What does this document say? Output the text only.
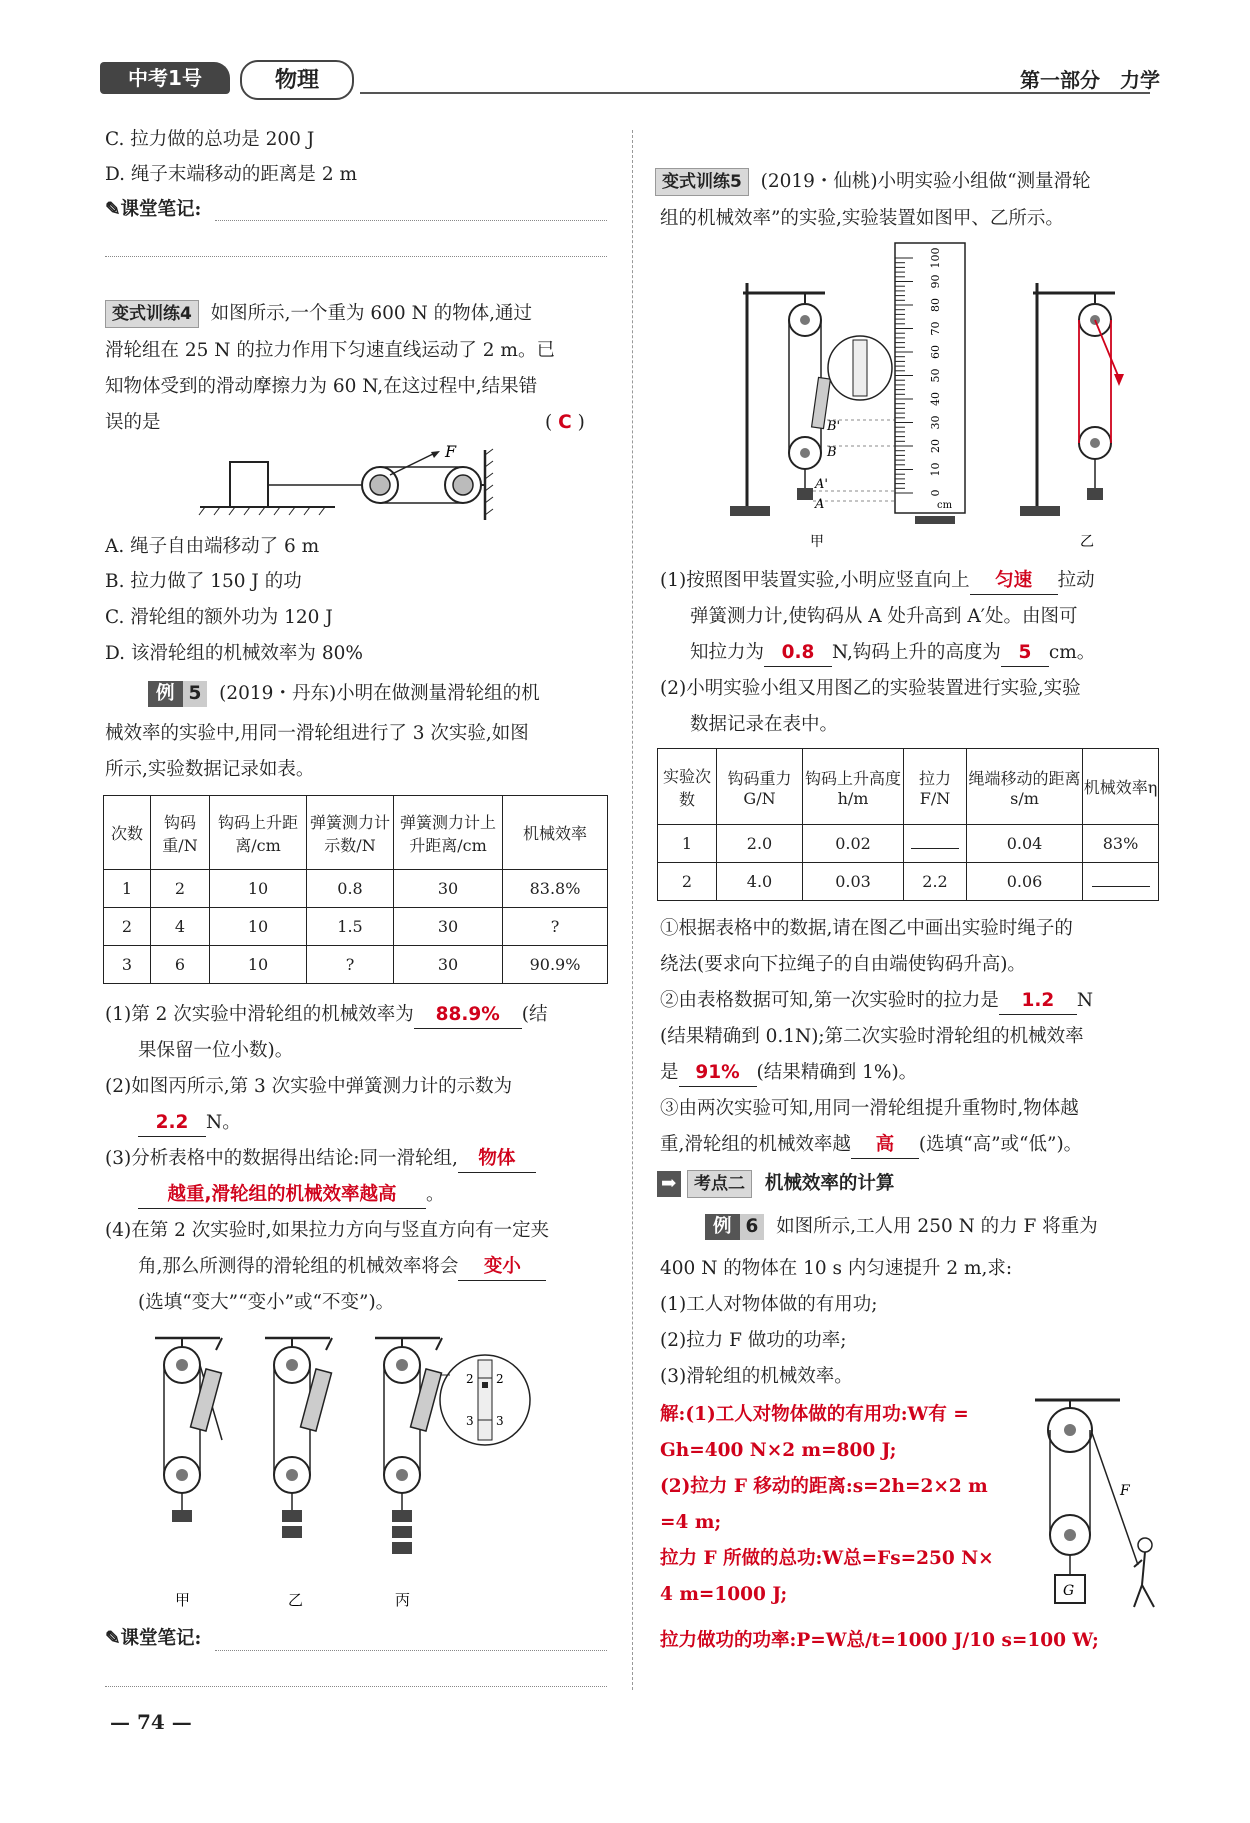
中考1号	物理	第一部分　力学
C. 拉力做的总功是 200 J
D. 绳子末端移动的距离是 2 m
✎课堂笔记:
变式训练4 如图所示,一个重为 600 N 的物体,通过
滑轮组在 25 N 的拉力作用下匀速直线运动了 2 m。已
知物体受到的滑动摩擦力为 60 N,在这过程中,结果错
误的是	( C )
F
A. 绳子自由端移动了 6 m
B. 拉力做了 150 J 的功
C. 滑轮组的额外功为 120 J
D. 该滑轮组的机械效率为 80%
例 5 (2019・丹东)小明在做测量滑轮组的机
械效率的实验中,用同一滑轮组进行了 3 次实验,如图
所示,实验数据记录如表。
次数	钩码重/N	钩码上升距离/cm	弹簧测力计示数/N	弹簧测力计上升距离/cm	机械效率
1	2	10	0.8	30	83.8%
2	4	10	1.5	30	?
3	6	10	?	30	90.9%
(1)第 2 次实验中滑轮组的机械效率为 88.9% (结
果保留一位小数)。
(2)如图丙所示,第 3 次实验中弹簧测力计的示数为
2.2 N。
(3)分析表格中的数据得出结论:同一滑轮组, 物体
越重,滑轮组的机械效率越高 。
(4)在第 2 次实验时,如果拉力方向与竖直方向有一定夹
角,那么所测得的滑轮组的机械效率将会 变小
(选填“变大”“变小”或“不变”)。
2
3
2
3
甲	乙	丙
✎课堂笔记:
— 74 —
变式训练5 (2019・仙桃)小明实验小组做“测量滑轮
组的机械效率”的实验,实验装置如图甲、乙所示。
B'
B
A'
A
0
10
20
30
40
50
60
70
80
90
100
cm
甲	乙
(1)按照图甲装置实验,小明应竖直向上 匀速 拉动
弹簧测力计,使钩码从 A 处升高到 A′处。由图可
知拉力为 0.8 N,钩码上升的高度为 5 cm。
(2)小明实验小组又用图乙的实验装置进行实验,实验
数据记录在表中。
实验次数	钩码重力G/N	钩码上升高度h/m	拉力F/N	绳端移动的距离s/m	机械效率η
1	2.0	0.02		0.04	83%
2	4.0	0.03	2.2	0.06	
①根据表格中的数据,请在图乙中画出实验时绳子的
绕法(要求向下拉绳子的自由端使钩码升高)。
②由表格数据可知,第一次实验时的拉力是 1.2 N
(结果精确到 0.1N);第二次实验时滑轮组的机械效率
是 91% (结果精确到 1%)。
③由两次实验可知,用同一滑轮组提升重物时,物体越
重,滑轮组的机械效率越 高 (选填“高”或“低”)。
➡ 考点二 机械效率的计算
例 6 如图所示,工人用 250 N 的力 F 将重为
400 N 的物体在 10 s 内匀速提升 2 m,求:
(1)工人对物体做的有用功;
(2)拉力 F 做功的功率;
(3)滑轮组的机械效率。
解:(1)工人对物体做的有用功:W有 =
Gh=400 N×2 m=800 J;
(2)拉力 F 移动的距离:s=2h=2×2 m
=4 m;
拉力 F 所做的总功:W总=Fs=250 N×
4 m=1000 J;
拉力做功的功率:P=W总/t=1000 J/10 s=100 W;
F
G
